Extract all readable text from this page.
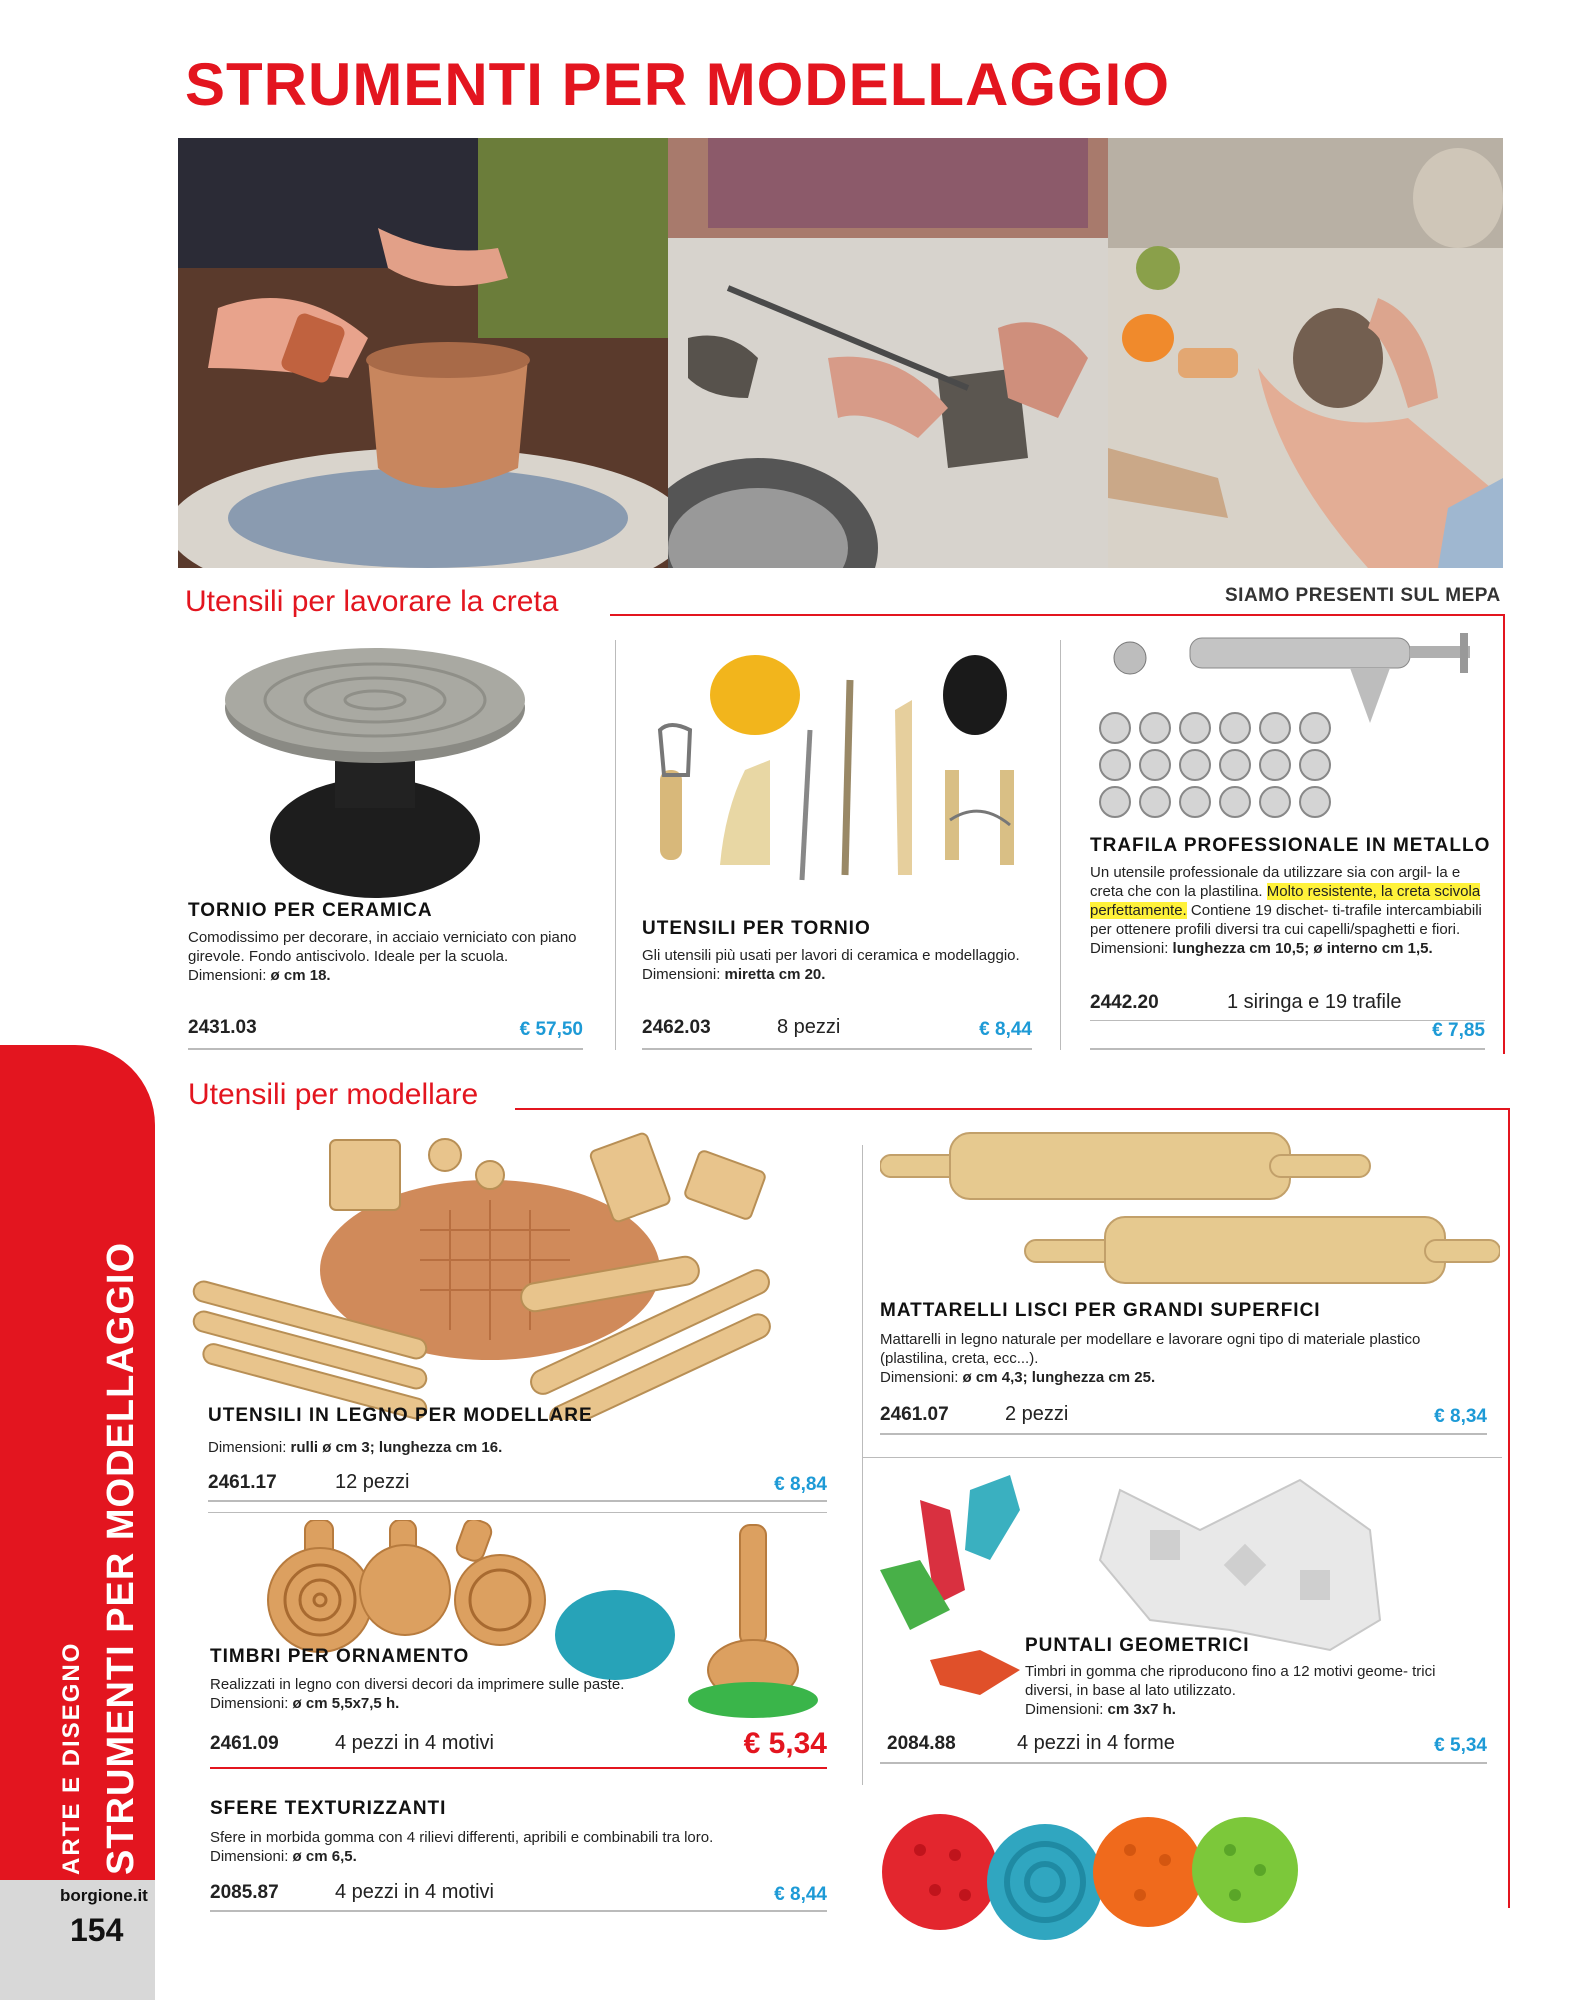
STRUMENTI PER MODELLAGGIO
Utensili per lavorare la creta	SIAMO PRESENTI SUL MEPA
TORNIO PER CERAMICA
Comodissimo per decorare, in acciaio verniciato con piano girevole. Fondo antiscivolo. Ideale per la scuola.
Dimensioni: ø cm 18.
2431.03	€ 57,50
UTENSILI PER TORNIO
Gli utensili più usati per lavori di ceramica e modellaggio.
Dimensioni: miretta cm 20.
2462.03	8 pezzi	€ 8,44
TRAFILA PROFESSIONALE IN METALLO
Un utensile professionale da utilizzare sia con argil- la e creta che con la plastilina. Molto resistente, la creta scivola perfettamente. Contiene 19 dischet- ti-trafile intercambiabili per ottenere profili diversi tra cui capelli/spaghetti e fiori.
Dimensioni: lunghezza cm 10,5; ø interno cm 1,5.
2442.20	1 siringa e 19 trafile
€ 7,85
Utensili per modellare
UTENSILI IN LEGNO PER MODELLARE
Dimensioni: rulli ø cm 3; lunghezza cm 16.
2461.17	12 pezzi	€ 8,84
MATTARELLI LISCI PER GRANDI SUPERFICI
Mattarelli in legno naturale per modellare e lavorare ogni tipo di materiale plastico (plastilina, creta, ecc...).
Dimensioni: ø cm 4,3; lunghezza cm 25.
2461.07	2 pezzi	€ 8,34
TIMBRI PER ORNAMENTO
Realizzati in legno con diversi decori da imprimere sulle paste.
Dimensioni: ø cm 5,5x7,5 h.
2461.09	4 pezzi in 4 motivi	€ 5,34
PUNTALI GEOMETRICI
Timbri in gomma che riproducono fino a 12 motivi geome- trici diversi, in base al lato utilizzato.
Dimensioni: cm 3x7 h.
2084.88	4 pezzi in 4 forme	€ 5,34
SFERE TEXTURIZZANTI
Sfere in morbida gomma con 4 rilievi differenti, apribili e combinabili tra loro.
Dimensioni: ø cm 6,5.
2085.87	4 pezzi in 4 motivi	€ 8,44
ARTE E DISEGNO STRUMENTI PER MODELLAGGIO
borgione.it
154
